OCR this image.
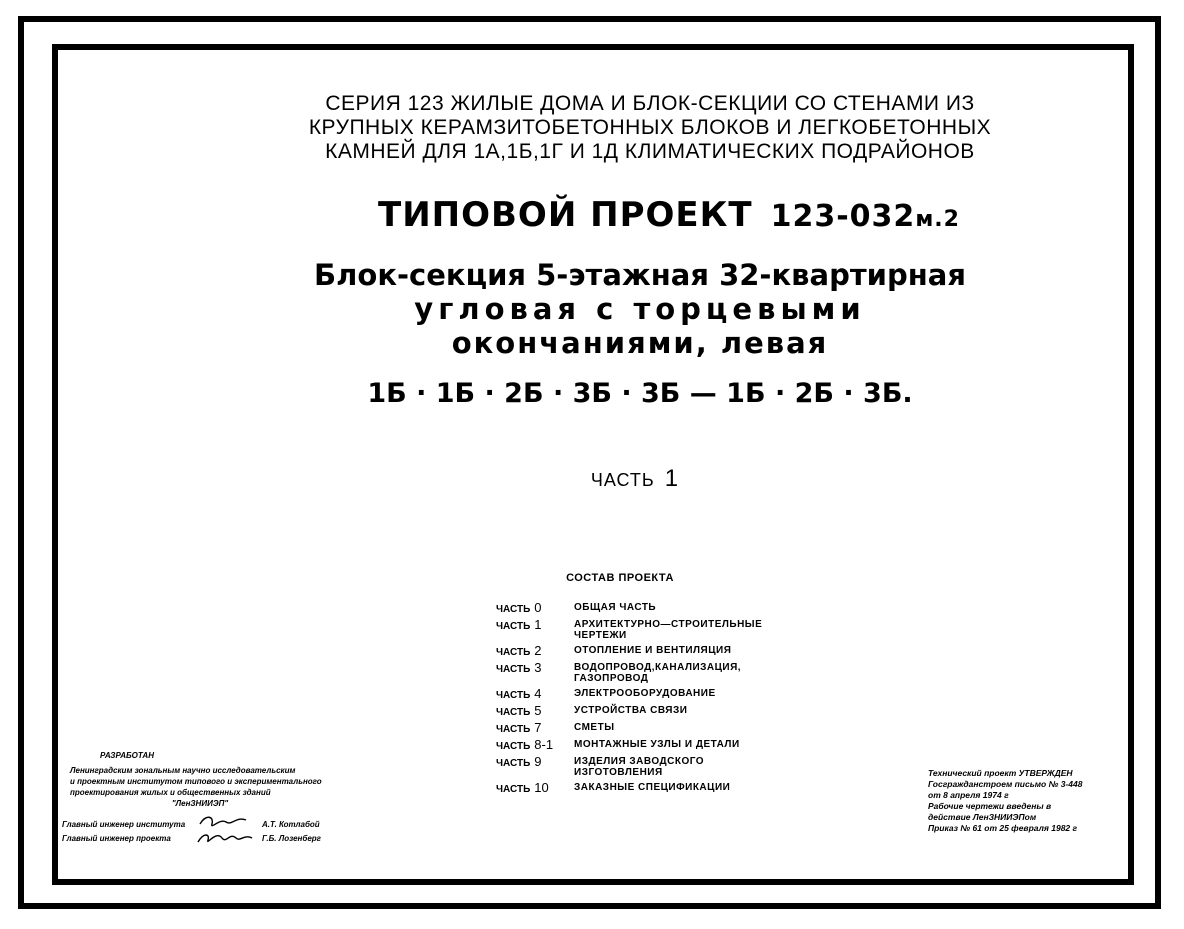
СЕРИЯ 123 ЖИЛЫЕ ДОМА И БЛОК-СЕКЦИИ СО СТЕНАМИ ИЗ
КРУПНЫХ КЕРАМЗИТОБЕТОННЫХ БЛОКОВ И ЛЕГКОБЕТОННЫХ
КАМНЕЙ ДЛЯ 1А,1Б,1Г И 1Д КЛИМАТИЧЕСКИХ ПОДРАЙОНОВ
ТИПОВОЙ ПРОЕКТ 123-032м.2
Блок-секция 5-этажная 32-квартирная
угловая с торцевыми
окончаниями, левая
1Б · 1Б · 2Б · 3Б · 3Б — 1Б · 2Б · 3Б.
ЧАСТЬ 1
СОСТАВ ПРОЕКТА
ЧАСТЬ 0	ОБЩАЯ ЧАСТЬ
ЧАСТЬ 1	АРХИТЕКТУРНО—СТРОИТЕЛЬНЫЕ ЧЕРТЕЖИ
ЧАСТЬ 2	ОТОПЛЕНИЕ И ВЕНТИЛЯЦИЯ
ЧАСТЬ 3	ВОДОПРОВОД,КАНАЛИЗАЦИЯ, ГАЗОПРОВОД
ЧАСТЬ 4	ЭЛЕКТРООБОРУДОВАНИЕ
ЧАСТЬ 5	УСТРОЙСТВА СВЯЗИ
ЧАСТЬ 7	СМЕТЫ
ЧАСТЬ 8-1	МОНТАЖНЫЕ УЗЛЫ И ДЕТАЛИ
ЧАСТЬ 9	ИЗДЕЛИЯ ЗАВОДСКОГО ИЗГОТОВЛЕНИЯ
ЧАСТЬ 10	ЗАКАЗНЫЕ СПЕЦИФИКАЦИИ
РАЗРАБОТАН
Ленинградским зональным научно исследовательским
и проектным институтом типового и экспериментального
проектирования жилых и общественных зданий
"ЛенЗНИИЭП"
Главный инженер института	А.Т. Котлабой
Главный инженер проекта	Г.Б. Лозенберг
Технический проект УТВЕРЖДЕН
Госгражданстроем письмо № 3-448
от 8 апреля 1974 г
Рабочие чертежи введены в
действие ЛенЗНИИЭПом
Приказ № 61 от 25 февраля 1982 г
